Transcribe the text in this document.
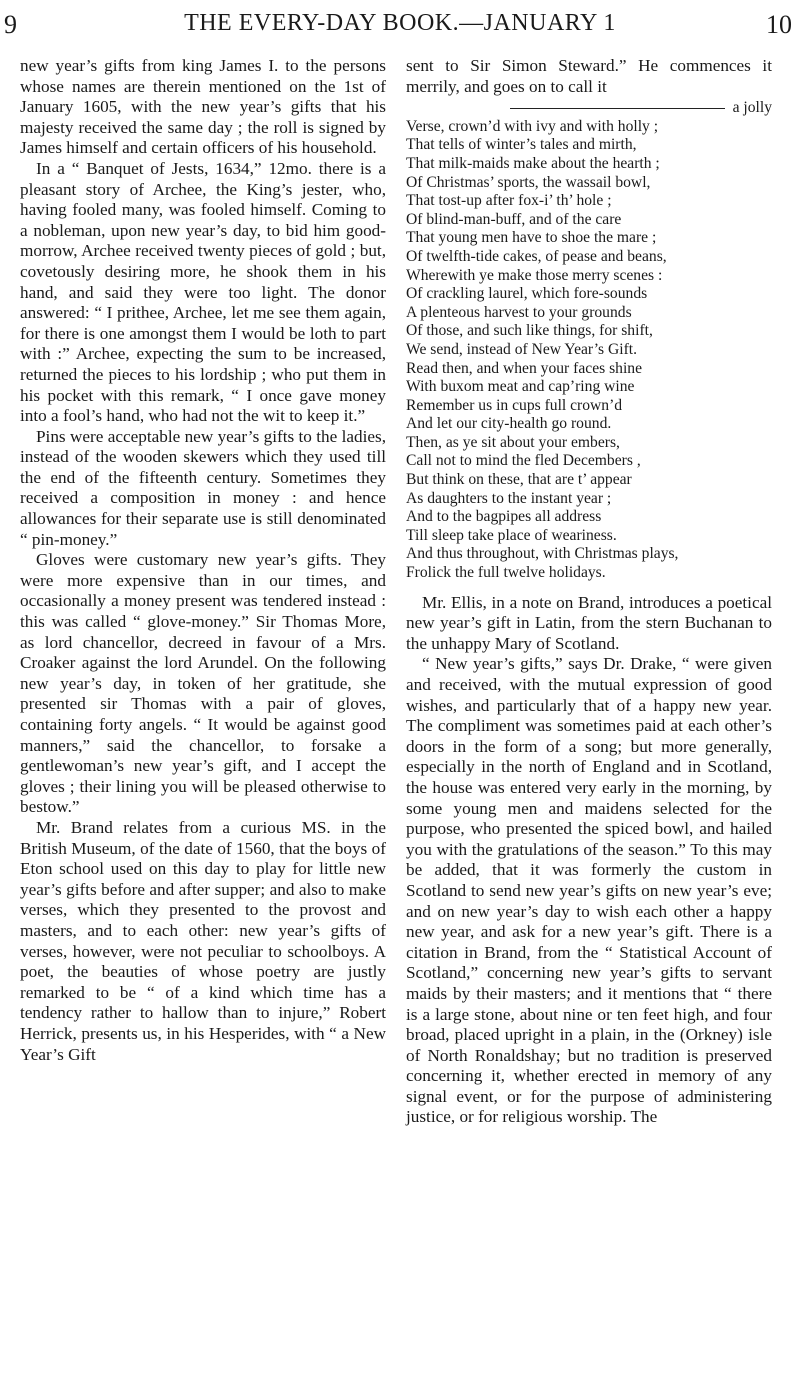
9	THE EVERY-DAY BOOK.—JANUARY 1	10

new year’s gifts from king James I. to the persons whose names are therein mentioned on the 1st of January 1605, with the new year’s gifts that his majesty received the same day ; the roll is signed by James himself and certain officers of his household.

In a “ Banquet of Jests, 1634,” 12mo. there is a pleasant story of Archee, the King’s jester, who, having fooled many, was fooled himself. Coming to a nobleman, upon new year’s day, to bid him good-morrow, Archee received twenty pieces of gold ; but, covetously desiring more, he shook them in his hand, and said they were too light. The donor answered: “ I prithee, Archee, let me see them again, for there is one amongst them I would be loth to part with :” Archee, expecting the sum to be increased, returned the pieces to his lordship ; who put them in his pocket with this remark, “ I once gave money into a fool’s hand, who had not the wit to keep it.”

Pins were acceptable new year’s gifts to the ladies, instead of the wooden skewers which they used till the end of the fifteenth century. Sometimes they received a composition in money : and hence allowances for their separate use is still denominated “ pin-money.”

Gloves were customary new year’s gifts. They were more expensive than in our times, and occasionally a money present was tendered instead : this was called “ glove-money.” Sir Thomas More, as lord chancellor, decreed in favour of a Mrs. Croaker against the lord Arundel. On the following new year’s day, in token of her gratitude, she presented sir Thomas with a pair of gloves, containing forty angels. “ It would be against good manners,” said the chancellor, to forsake a gentlewoman’s new year’s gift, and I accept the gloves ; their lining you will be pleased otherwise to bestow.”

Mr. Brand relates from a curious MS. in the British Museum, of the date of 1560, that the boys of Eton school used on this day to play for little new year’s gifts before and after supper; and also to make verses, which they presented to the provost and masters, and to each other: new year’s gifts of verses, however, were not peculiar to schoolboys. A poet, the beauties of whose poetry are justly remarked to be “ of a kind which time has a tendency rather to hallow than to injure,” Robert Herrick, presents us, in his Hesperides, with “ a New Year’s Gift

sent to Sir Simon Steward.” He commences it merrily, and goes on to call it

a jolly
Verse, crown’d with ivy and with holly ;
That tells of winter’s tales and mirth,
That milk-maids make about the hearth ;
Of Christmas’ sports, the wassail bowl,
That tost-up after fox-i’ th’ hole ;
Of blind-man-buff, and of the care
That young men have to shoe the mare ;
Of twelfth-tide cakes, of pease and beans,
Wherewith ye make those merry scenes :
Of crackling laurel, which fore-sounds
A plenteous harvest to your grounds
Of those, and such like things, for shift,
We send, instead of New Year’s Gift.
Read then, and when your faces shine
With buxom meat and cap’ring wine
Remember us in cups full crown’d
And let our city-health go round.
Then, as ye sit about your embers,
Call not to mind the fled Decembers ,
But think on these, that are t’ appear
As daughters to the instant year ;
And to the bagpipes all address
Till sleep take place of weariness.
And thus throughout, with Christmas plays,
Frolick the full twelve holidays.

Mr. Ellis, in a note on Brand, introduces a poetical new year’s gift in Latin, from the stern Buchanan to the unhappy Mary of Scotland.

“ New year’s gifts,” says Dr. Drake, “ were given and received, with the mutual expression of good wishes, and particularly that of a happy new year. The compliment was sometimes paid at each other’s doors in the form of a song; but more generally, especially in the north of England and in Scotland, the house was entered very early in the morning, by some young men and maidens selected for the purpose, who presented the spiced bowl, and hailed you with the gratulations of the season.” To this may be added, that it was formerly the custom in Scotland to send new year’s gifts on new year’s eve; and on new year’s day to wish each other a happy new year, and ask for a new year’s gift. There is a citation in Brand, from the “ Statistical Account of Scotland,” concerning new year’s gifts to servant maids by their masters; and it mentions that “ there is a large stone, about nine or ten feet high, and four broad, placed upright in a plain, in the (Orkney) isle of North Ronaldshay; but no tradition is preserved concerning it, whether erected in memory of any signal event, or for the purpose of administering justice, or for religious worship. The
